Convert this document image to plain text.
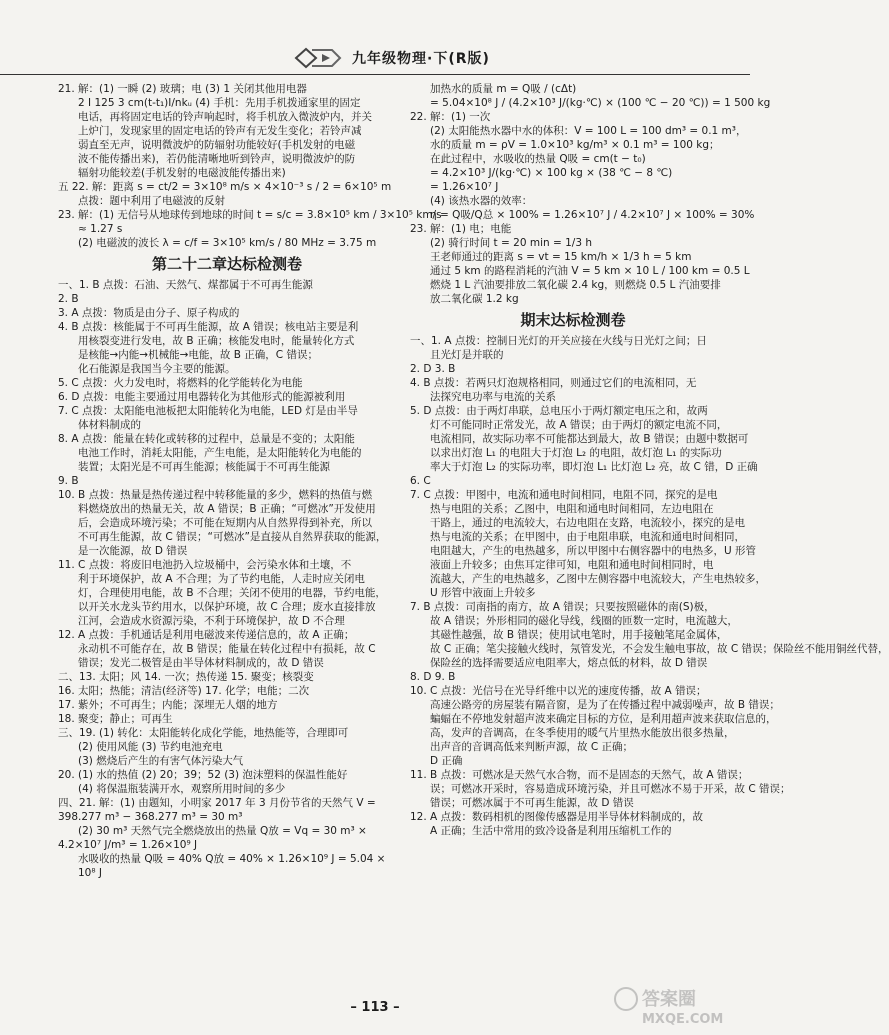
九年级物理·下(R版)
21. 解：(1) 一瞬 (2) 玻璃；电 (3) 1 关闭其他用电器
2 I 125 3 cm(t-t₁)I/nkᵤ (4) 手机：先用手机拨通家里的固定
电话，再将固定电话的铃声响起时，将手机放入微波炉内，并关
上炉门，发现家里的固定电话的铃声有无发生变化；若铃声减
弱直至无声，说明微波炉的防辐射功能较好(手机发射的电磁
波不能传播出来)，若仍能清晰地听到铃声，说明微波炉的防
辐射功能较差(手机发射的电磁波能传播出来)
五 22. 解：距离 s = ct/2 = 3×10⁸ m/s × 4×10⁻³ s / 2 = 6×10⁵ m
点拨：题中利用了电磁波的反射
23. 解：(1) 无信号从地球传到地球的时间 t = s/c = 3.8×10⁵ km / 3×10⁵ km/s
≈ 1.27 s
(2) 电磁波的波长 λ = c/f = 3×10⁵ km/s / 80 MHz = 3.75 m
第二十二章达标检测卷
一、1. B 点拨：石油、天然气、煤都属于不可再生能源
2. B
3. A 点拨：物质是由分子、原子构成的
4. B 点拨：核能属于不可再生能源，故 A 错误；核电站主要是利
用核裂变进行发电，故 B 正确；核能发电时，能量转化方式
是核能→内能→机械能→电能，故 B 正确，C 错误；
化石能源是我国当今主要的能源。
5. C 点拨：火力发电时，将燃料的化学能转化为电能
6. D 点拨：电能主要通过用电器转化为其他形式的能源被利用
7. C 点拨：太阳能电池板把太阳能转化为电能，LED 灯是由半导
体材料制成的
8. A 点拨：能量在转化或转移的过程中，总量是不变的；太阳能
电池工作时，消耗太阳能，产生电能，是太阳能转化为电能的
装置；太阳光是不可再生能源；核能属于不可再生能源
9. B
10. B 点拨：热量是热传递过程中转移能量的多少，燃料的热值与燃
料燃烧放出的热量无关，故 A 错误；B 正确；“可燃冰”开发使用
后，会造成环境污染；不可能在短期内从自然界得到补充，所以
不可再生能源，故 C 错误；“可燃冰”是直接从自然界获取的能源，
是一次能源，故 D 错误
11. C 点拨：将废旧电池扔入垃圾桶中，会污染水体和土壤，不
利于环境保护，故 A 不合理；为了节约电能，人走时应关闭电
灯，合理使用电能，故 B 不合理；关闭不使用的电器，节约电能，
以开关水龙头节约用水，以保护环境，故 C 合理；废水直接排放
江河，会造成水资源污染，不利于环境保护，故 D 不合理
12. A 点拨：手机通话是利用电磁波来传递信息的，故 A 正确；
永动机不可能存在，故 B 错误；能量在转化过程中有损耗，故 C
错误；发光二极管是由半导体材料制成的，故 D 错误
二、13. 太阳；风 14. 一次；热传递 15. 聚变；核裂变
16. 太阳；热能；清洁(经济等) 17. 化学；电能；二次
17. 紫外；不可再生；内能；深埋无人烟的地方
18. 聚变；静止；可再生
三、19. (1) 转化：太阳能转化成化学能，地热能等，合理即可
(2) 使用风能 (3) 节约电池充电
(3) 燃烧后产生的有害气体污染大气
20. (1) 水的热值 (2) 20；39；52 (3) 泡沫塑料的保温性能好
(4) 将保温瓶装满开水，观察所用时间的多少
四、21. 解：(1) 由题知，小明家 2017 年 3 月份节省的天然气 V =
398.277 m³ − 368.277 m³ = 30 m³
(2) 30 m³ 天然气完全燃烧放出的热量 Q放 = Vq = 30 m³ ×
4.2×10⁷ J/m³ = 1.26×10⁹ J
水吸收的热量 Q吸 = 40% Q放 = 40% × 1.26×10⁹ J = 5.04 ×
10⁸ J
加热水的质量 m = Q吸 / (cΔt)
= 5.04×10⁸ J / (4.2×10³ J/(kg·℃) × (100 ℃ − 20 ℃)) = 1 500 kg
22. 解：(1) 一次
(2) 太阳能热水器中水的体积：V = 100 L = 100 dm³ = 0.1 m³，
水的质量 m = ρV = 1.0×10³ kg/m³ × 0.1 m³ = 100 kg；
在此过程中，水吸收的热量 Q吸 = cm(t − t₀)
= 4.2×10³ J/(kg·℃) × 100 kg × (38 ℃ − 8 ℃)
= 1.26×10⁷ J
(4) 该热水器的效率：
η = Q吸/Q总 × 100% = 1.26×10⁷ J / 4.2×10⁷ J × 100% = 30%
23. 解：(1) 电；电能
(2) 骑行时间 t = 20 min = 1/3 h
王老师通过的距离 s = vt = 15 km/h × 1/3 h = 5 km
通过 5 km 的路程消耗的汽油 V = 5 km × 10 L / 100 km = 0.5 L
燃烧 1 L 汽油要排放二氧化碳 2.4 kg，则燃烧 0.5 L 汽油要排
放二氧化碳 1.2 kg
期末达标检测卷
一、1. A 点拨：控制日光灯的开关应接在火线与日光灯之间；日
且光灯是并联的
2. D 3. B
4. B 点拨：若两只灯泡规格相同，则通过它们的电流相同，无
法探究电功率与电流的关系
5. D 点拨：由于两灯串联，总电压小于两灯额定电压之和，故两
灯不可能同时正常发光，故 A 错误；由于两灯的额定电流不同，
电流相同，故实际功率不可能都达到最大，故 B 错误；由题中数据可
以求出灯泡 L₁ 的电阻大于灯泡 L₂ 的电阻，故灯泡 L₁ 的实际功
率大于灯泡 L₂ 的实际功率，即灯泡 L₁ 比灯泡 L₂ 亮，故 C 错，D 正确
6. C
7. C 点拨：甲图中，电流和通电时间相同，电阻不同，探究的是电
热与电阻的关系；乙图中，电阻和通电时间相同，左边电阻在
干路上，通过的电流较大，右边电阻在支路，电流较小，探究的是电
热与电流的关系；在甲图中，由于电阻串联，电流和通电时间相同，
电阻越大，产生的电热越多，所以甲图中右侧容器中的电热多，U 形管
液面上升较多；由焦耳定律可知，电阻和通电时间相同时，电
流越大，产生的电热越多，乙图中左侧容器中电流较大，产生电热较多，
U 形管中液面上升较多
7. B 点拨：司南指的南方，故 A 错误；只要按照磁体的南(S)极，
故 A 错误；外形相同的磁化导线，线圈的匝数一定时，电流越大，
其磁性越强，故 B 错误；使用试电笔时，用手接触笔尾金属体，
故 C 正确；笔尖接触火线时，氖管发光，不会发生触电事故，故 C 错误；保险丝不能用铜丝代替，
保险丝的选择需要适应电阻率大，熔点低的材料，故 D 错误
8. D 9. B
10. C 点拨：光信号在光导纤维中以光的速度传播，故 A 错误；
高速公路旁的房屋装有隔音窗，是为了在传播过程中减弱噪声，故 B 错误；
蝙蝠在不停地发射超声波来确定目标的方位，是利用超声波来获取信息的，
高，发声的音调高，在冬季使用的暖气片里热水能放出很多热量，
出声音的音调高低来判断声源，故 C 正确；
D 正确
11. B 点拨：可燃冰是天然气水合物，而不是固态的天然气，故 A 错误；
误；可燃冰开采时，容易造成环境污染，并且可燃冰不易于开采，故 C 错误；
错误；可燃冰属于不可再生能源，故 D 错误
12. A 点拨：数码相机的图像传感器是用半导体材料制成的，故
A 正确；生活中常用的致冷设备是利用压缩机工作的
– 113 –	答案圈
MXQE.COM
